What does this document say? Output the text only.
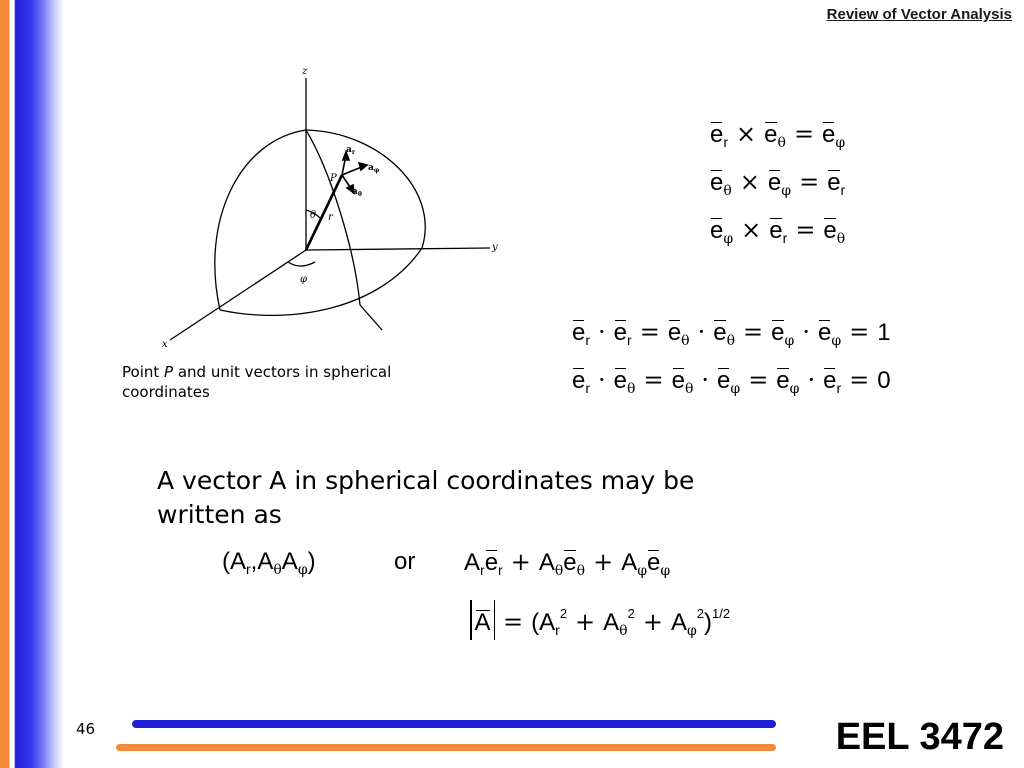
Review of Vector Analysis
z
y
x
P
r
θ
φ
$a_r$
$a_\varphi$
$a_\theta$
Point P and unit vectors in spherical coordinates
$e_r \times e_\theta = e_\varphi$
$e_\theta \times e_\varphi = e_r$
$e_\varphi \times e_r = e_\theta$
$e_r \cdot e_r = e_\theta \cdot e_\theta = e_\varphi \cdot e_\varphi = 1$
$e_r \cdot e_\theta = e_\theta \cdot e_\varphi = e_\varphi \cdot e_r = 0$
A vector A in spherical coordinates may be
written as
$(A_r,A_\theta A_\varphi)$	or $A_re_r + A_\theta e_\theta + A_\varphi e_\varphi$
$A = (A_r^2 + A_\theta^2 + A_\varphi^2)^{1/2}$
46	EEL 3472
